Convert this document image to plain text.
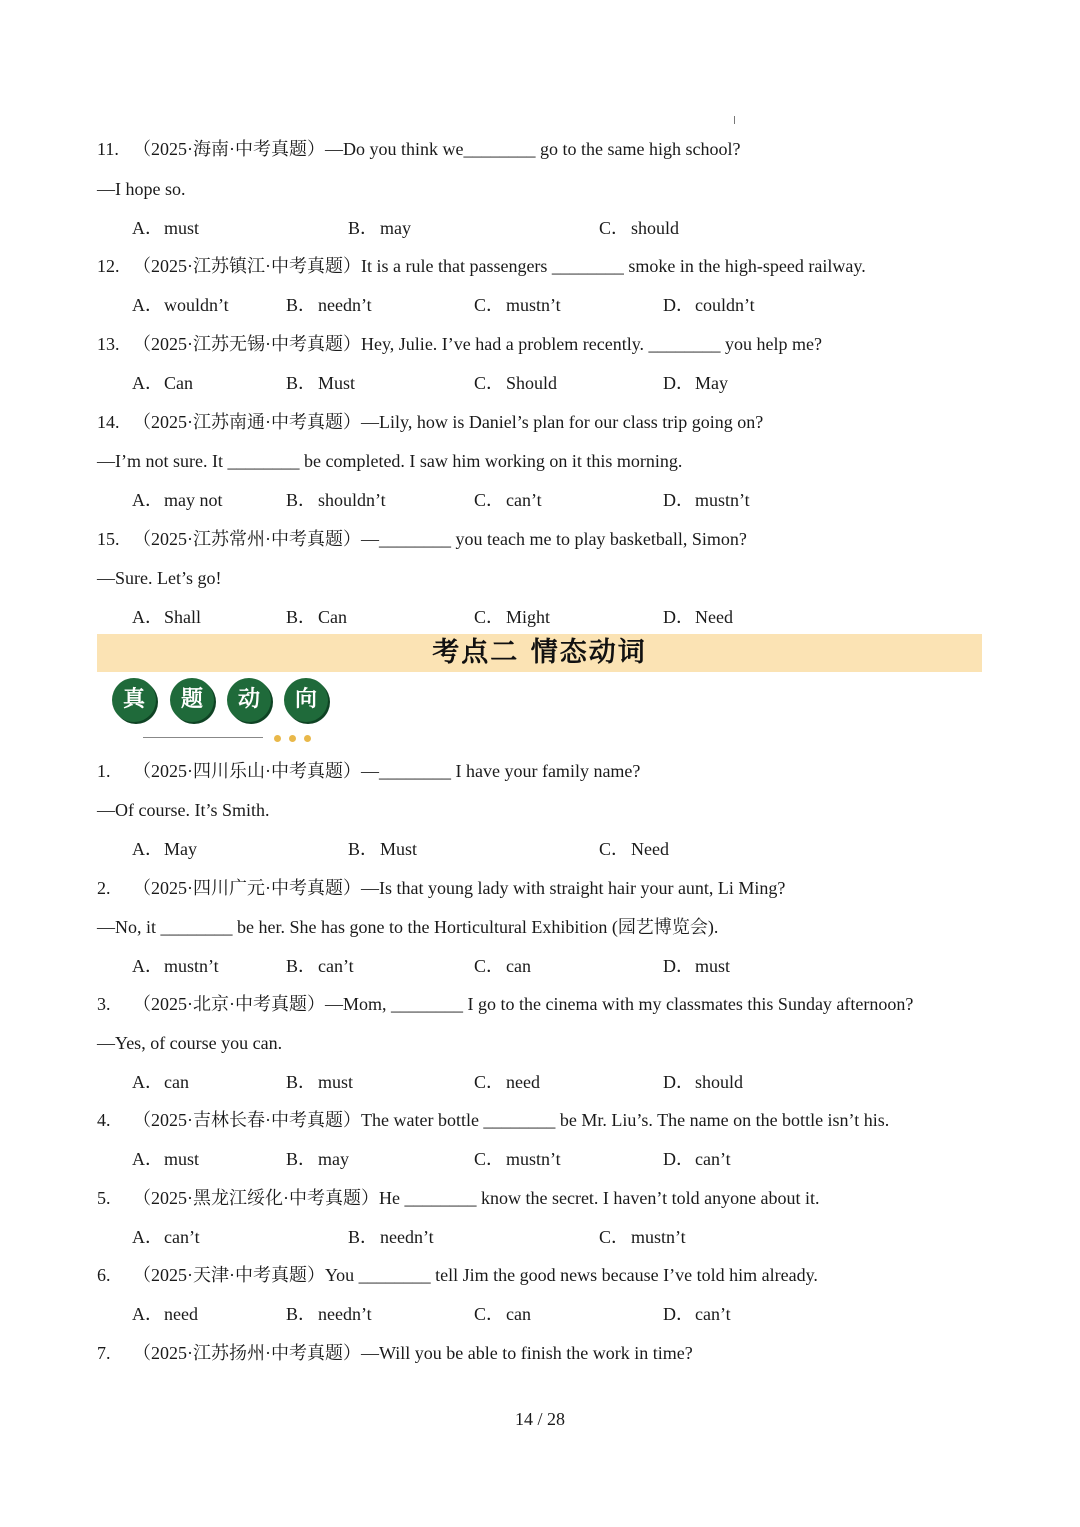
11. （2025·海南·中考真题）—Do you think we________ go to the same high school?
—I hope so.
A．must	B． may	C． should
12. （2025·江苏镇江·中考真题）It is a rule that passengers ________ smoke in the high-speed railway.
A．wouldn’t	B． needn’t	C． mustn’t	D．couldn’t
13. （2025·江苏无锡·中考真题）Hey, Julie. I’ve had a problem recently. ________ you help me?
A．Can	B． Must	C． Should	D．May
14. （2025·江苏南通·中考真题）—Lily, how is Daniel’s plan for our class trip going on?
—I’m not sure. It ________ be completed. I saw him working on it this morning.
A．may not	B． shouldn’t	C． can’t	D．mustn’t
15. （2025·江苏常州·中考真题）—________ you teach me to play basketball, Simon?
—Sure. Let’s go!
A．Shall	B． Can	C． Might	D．Need
考点二 情态动词
真	题	动	向
1. （2025·四川乐山·中考真题）—________ I have your family name?
—Of course. It’s Smith.
A．May	B． Must	C． Need
2. （2025·四川广元·中考真题）—Is that young lady with straight hair your aunt, Li Ming?
—No, it ________ be her. She has gone to the Horticultural Exhibition (园艺博览会).
A．mustn’t	B． can’t	C． can	D．must
3. （2025·北京·中考真题）—Mom, ________ I go to the cinema with my classmates this Sunday afternoon?
—Yes, of course you can.
A．can	B． must	C． need	D．should
4. （2025·吉林长春·中考真题）The water bottle ________ be Mr. Liu’s. The name on the bottle isn’t his.
A．must	B． may	C． mustn’t	D．can’t
5. （2025·黑龙江绥化·中考真题）He ________ know the secret. I haven’t told anyone about it.
A．can’t	B． needn’t	C． mustn’t
6. （2025·天津·中考真题）You ________ tell Jim the good news because I’ve told him already.
A．need	B． needn’t	C． can	D．can’t
7. （2025·江苏扬州·中考真题）—Will you be able to finish the work in time?
14 / 28
